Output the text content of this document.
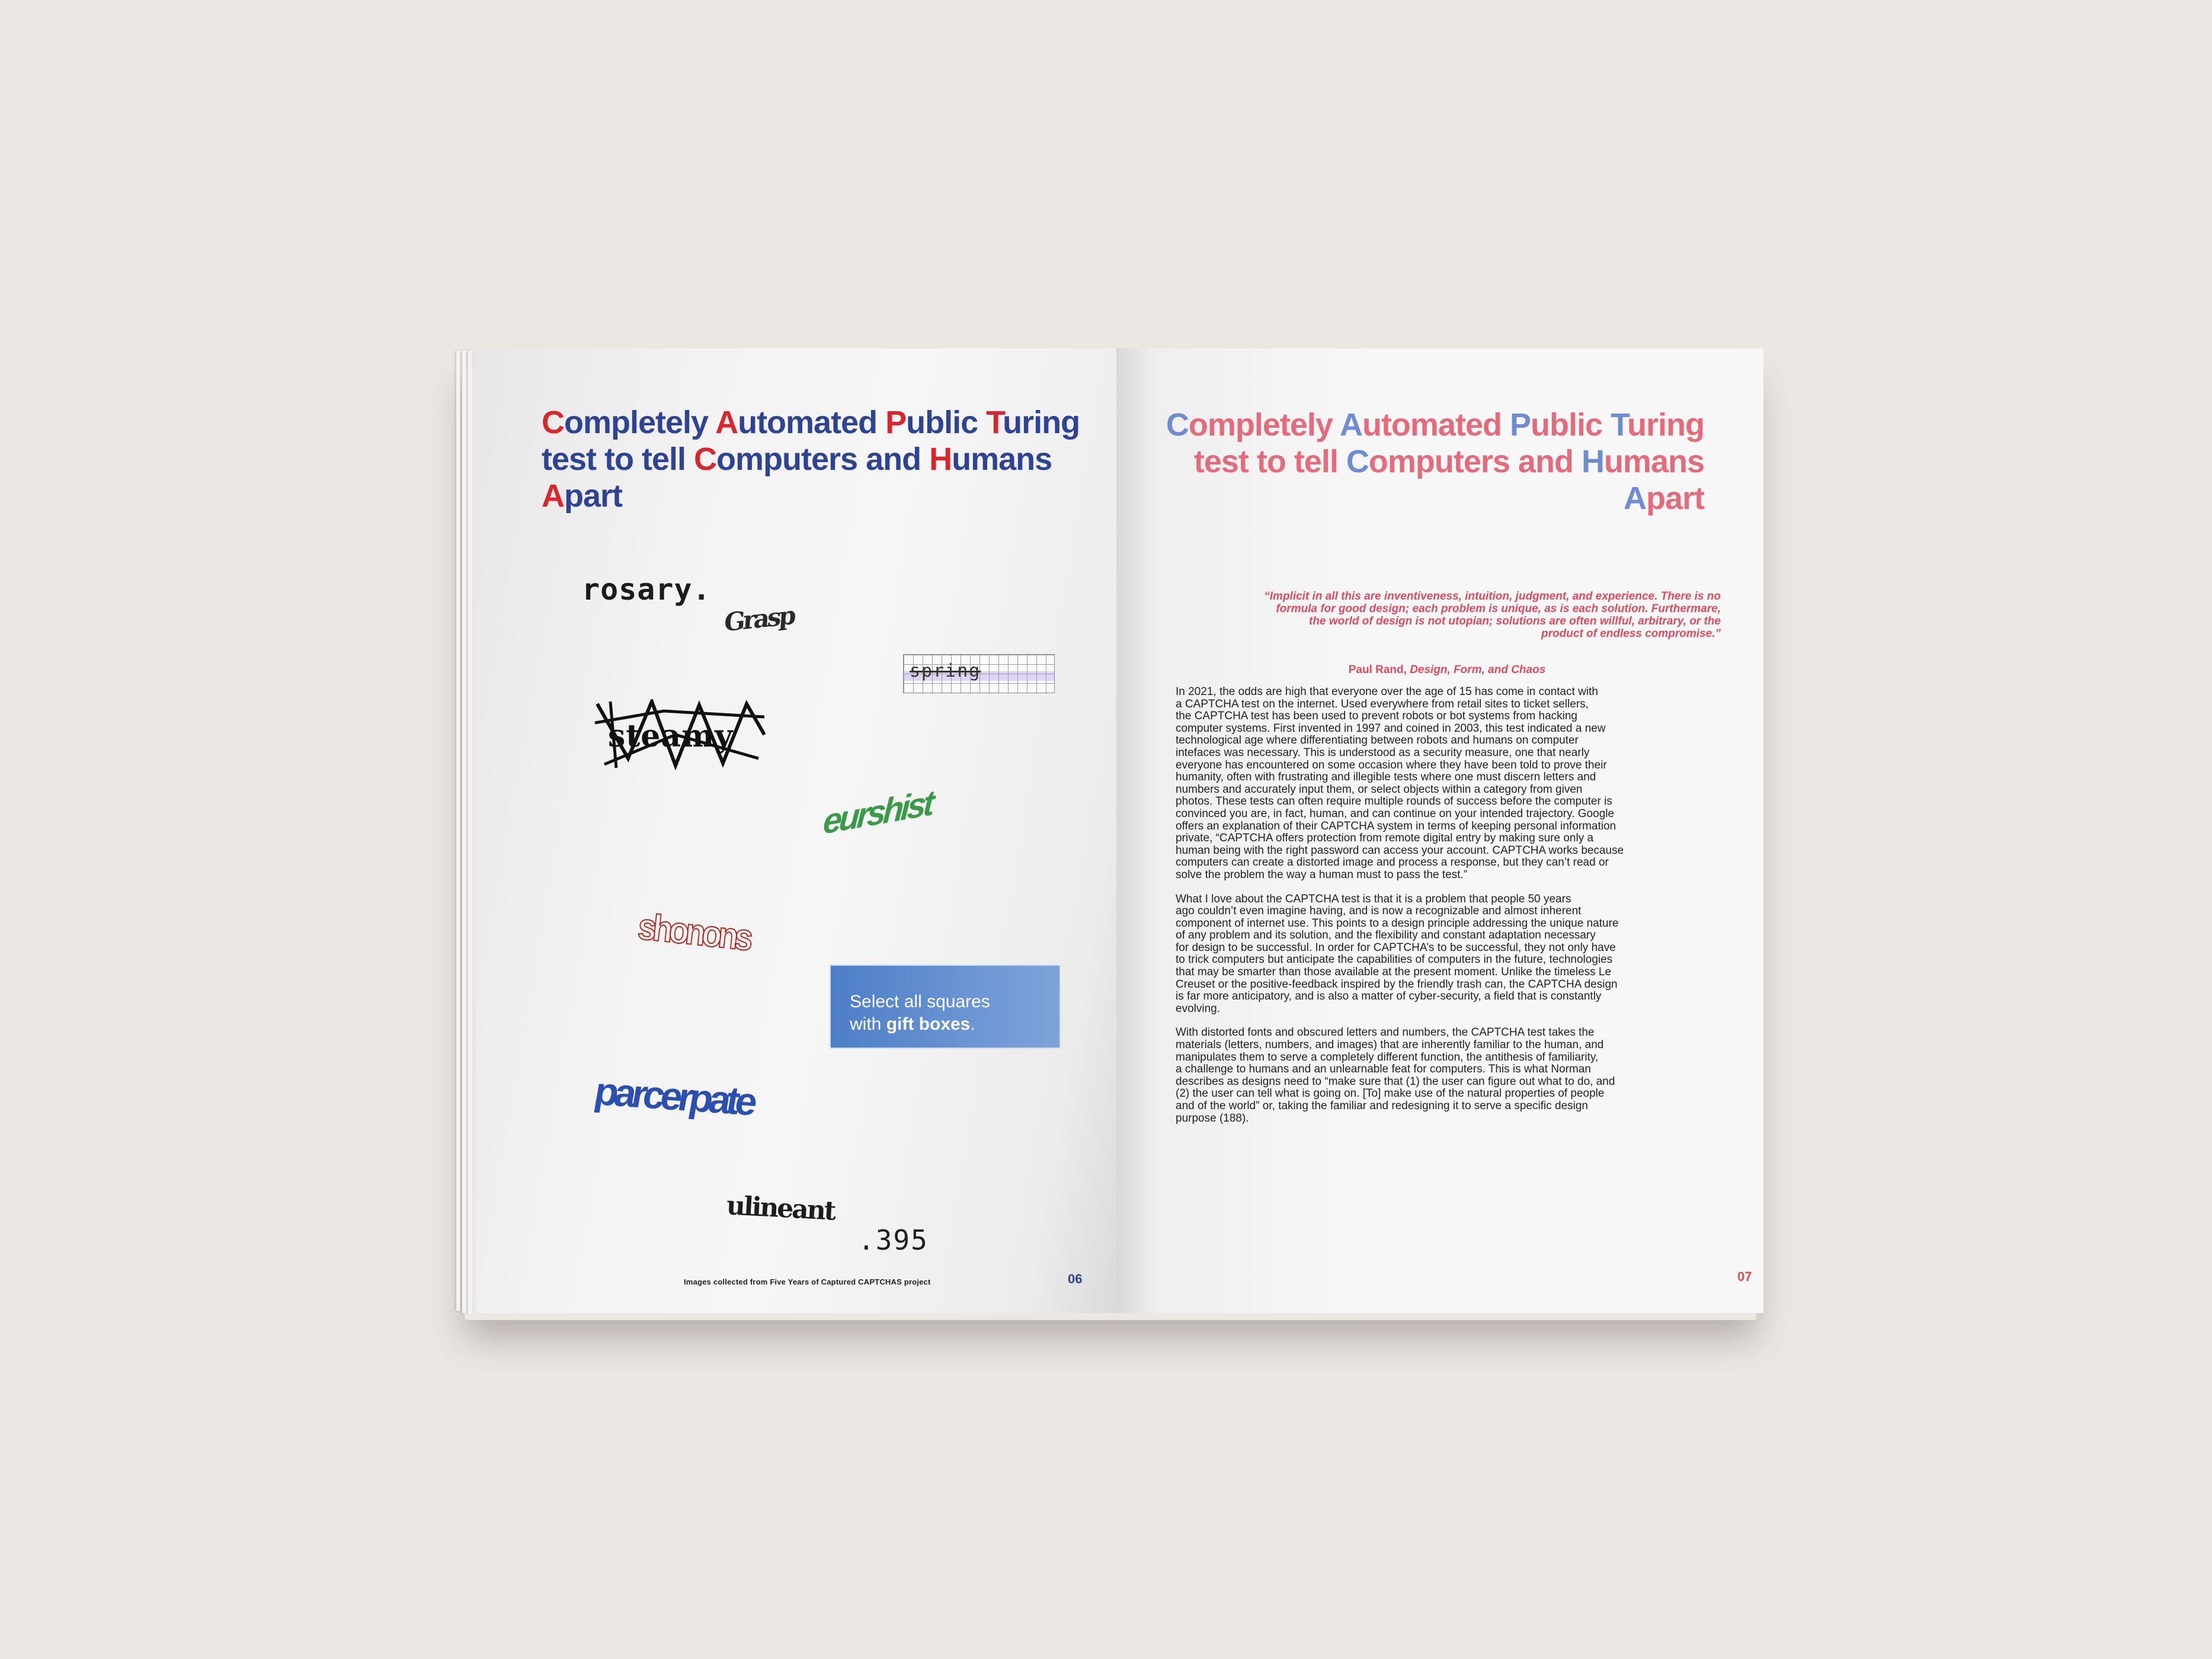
Completely Automated Public Turing
test to tell Computers and Humans
Apart
rosary.
Grasp
spring
steamy
eurshist
shonons
Select all squares
with gift boxes.
parcerpate
ulineant
.395
Images collected from Five Years of Captured CAPTCHAS project	06
Completely Automated Public Turing
test to tell Computers and Humans
Apart

“Implicit in all this are inventiveness, intuition, judgment, and experience. There is no
formula for good design; each problem is unique, as is each solution. Furthermare,
the world of design is not utopian; solutions are often willful, arbitrary, or the
product of endless compromise.”

Paul Rand, Design, Form, and Chaos

In 2021, the odds are high that everyone over the age of 15 has come in contact with
a CAPTCHA test on the internet. Used everywhere from retail sites to ticket sellers,
the CAPTCHA test has been used to prevent robots or bot systems from hacking
computer systems. First invented in 1997 and coined in 2003, this test indicated a new
technological age where differentiating between robots and humans on computer
intefaces was necessary. This is understood as a security measure, one that nearly
everyone has encountered on some occasion where they have been told to prove their
humanity, often with frustrating and illegible tests where one must discern letters and
numbers and accurately input them, or select objects within a category from given
photos. These tests can often require multiple rounds of success before the computer is
convinced you are, in fact, human, and can continue on your intended trajectory. Google
offers an explanation of their CAPTCHA system in terms of keeping personal information
private, “CAPTCHA offers protection from remote digital entry by making sure only a
human being with the right password can access your account. CAPTCHA works because
computers can create a distorted image and process a response, but they can’t read or
solve the problem the way a human must to pass the test.”

What I love about the CAPTCHA test is that it is a problem that people 50 years
ago couldn’t even imagine having, and is now a recognizable and almost inherent
component of internet use. This points to a design principle addressing the unique nature
of any problem and its solution, and the flexibility and constant adaptation necessary
for design to be successful. In order for CAPTCHA’s to be successful, they not only have
to trick computers but anticipate the capabilities of computers in the future, technologies
that may be smarter than those available at the present moment. Unlike the timeless Le
Creuset or the positive-feedback inspired by the friendly trash can, the CAPTCHA design
is far more anticipatory, and is also a matter of cyber-security, a field that is constantly
evolving.

With distorted fonts and obscured letters and numbers, the CAPTCHA test takes the
materials (letters, numbers, and images) that are inherently familiar to the human, and
manipulates them to serve a completely different function, the antithesis of familiarity,
a challenge to humans and an unlearnable feat for computers. This is what Norman
describes as designs need to “make sure that (1) the user can figure out what to do, and
(2) the user can tell what is going on. [To] make use of the natural properties of people
and of the world” or, taking the familiar and redesigning it to serve a specific design
purpose (188).

07
